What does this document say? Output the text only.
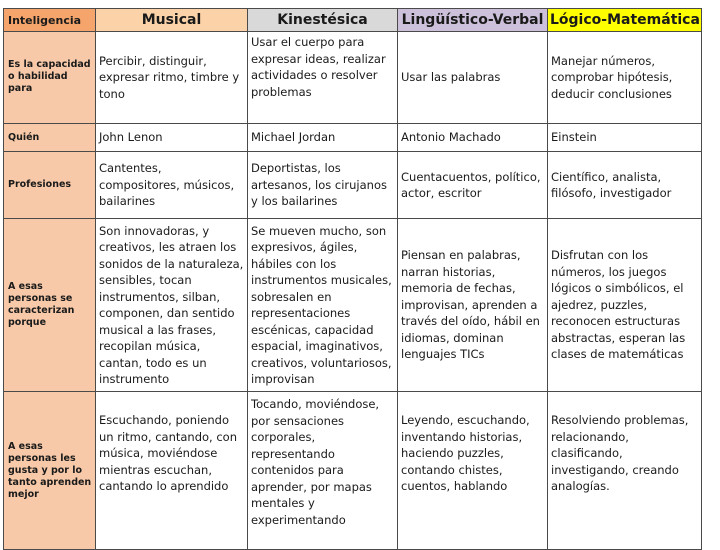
Inteligencia	Musical	Kinestésica	Lingüístico-Verbal	Lógico-Matemática
Es la capacidad o habilidad para	Percibir, distinguir, expresar ritmo, timbre y tono	Usar el cuerpo para expresar ideas, realizar actividades o resolver problemas	Usar las palabras	Manejar números, comprobar hipótesis, deducir conclusiones
Quién	John Lenon	Michael Jordan	Antonio Machado	Einstein
Profesiones	Cantentes, compositores, músicos, bailarines	Deportistas, los artesanos, los cirujanos y los bailarines	Cuentacuentos, político, actor, escritor	Científico, analista, filósofo, investigador
A esas personas se caracterizan porque	Son innovadoras, y creativos, les atraen los sonidos de la naturaleza, sensibles, tocan instrumentos, silban, componen, dan sentido musical a las frases, recopilan música, cantan, todo es un instrumento	Se mueven mucho, son expresivos, ágiles, hábiles con los instrumentos musicales, sobresalen en representaciones escénicas, capacidad espacial, imaginativos, creativos, voluntariosos, improvisan	Piensan en palabras, narran historias, memoria de fechas, improvisan, aprenden a través del oído, hábil en idiomas, dominan lenguajes TICs	Disfrutan con los números, los juegos lógicos o simbólicos, el ajedrez, puzzles, reconocen estructuras abstractas, esperan las clases de matemáticas
A esas personas les gusta y por lo tanto aprenden mejor	Escuchando, poniendo un ritmo, cantando, con música, moviéndose mientras escuchan, cantando lo aprendido	Tocando, moviéndose, por sensaciones corporales, representando contenidos para aprender, por mapas mentales y experimentando	Leyendo, escuchando, inventando historias, haciendo puzzles, contando chistes, cuentos, hablando	Resolviendo problemas, relacionando, clasificando, investigando, creando analogías.
